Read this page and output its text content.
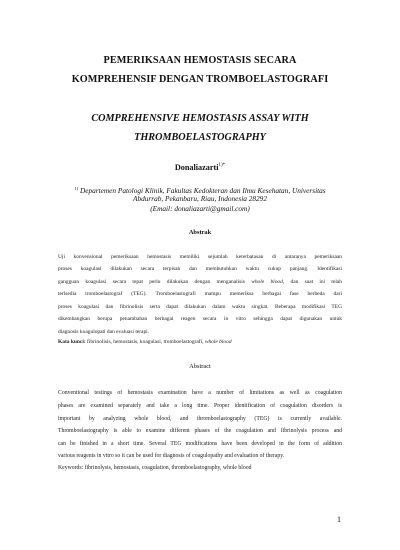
PEMERIKSAAN HEMOSTASIS SECARA
KOMPREHENSIF DENGAN TROMBOELASTOGRAFI
COMPREHENSIVE HEMOSTASIS ASSAY WITH
THROMBOELASTOGRAPHY
Donaliazarti$^{1)*}$
$^{1)}$ Departemen Patologi Klinik, Fakultas Kedokteran dan Ilmu Kesehatan, Universitas
Abdurrab, Pekanbaru, Riau, Indonesia 28292
(Email: donaliazarti@gmail.com)
Abstrak
Uji konvensional pemeriksaan hemostasis memiliki sejumlah keterbatasan di antaranya pemeriksaan
proses koagulasi dilakukan secara terpisah dan membutuhkan waktu cukup panjang. Identifikasi
gangguan koagulasi secara tepat perlu dilakukan dengan menganalisis whole blood, dan saat ini telah
terlsedia tromboelastograf (TEG). Tromboelastografi mampu memeriksa berbagai fase berbeda dari
proses koagulasi dan fibrinolisis serta dapat dilakukan dalam waktu singkat. Beberapa modifikasi TEG
dikembangkan berupa penambahan berbagai reagen secara in vitro sehingga dapat digunakan untuk
diagnosis koagulopati dan evaluasi terapi.
Kata kunci: fibrinolisis, hemostasis, koagulasi, tromboelastografi, whole blood
Abstract
Conventional testings of hemostasis examination have a number of limitations as well as coagulation
phases are examined separately and take a long time. Proper identification of coagulation disorders is
important by analyzing whole blood, and thromboelastography (TEG) is currently available.
Thromboelastography is able to examine different phases of the coagulation and fibrinolysis process and
can be finished in a short time. Several TEG modifications have been developed in the form of addition
various reagents in vitro so it can be used for diagnosis of coagulopathy and evaluation of therapy.
Keywords: fibrinolysis, hemostasis, coagulation, thromboelastography, whole blood
1
